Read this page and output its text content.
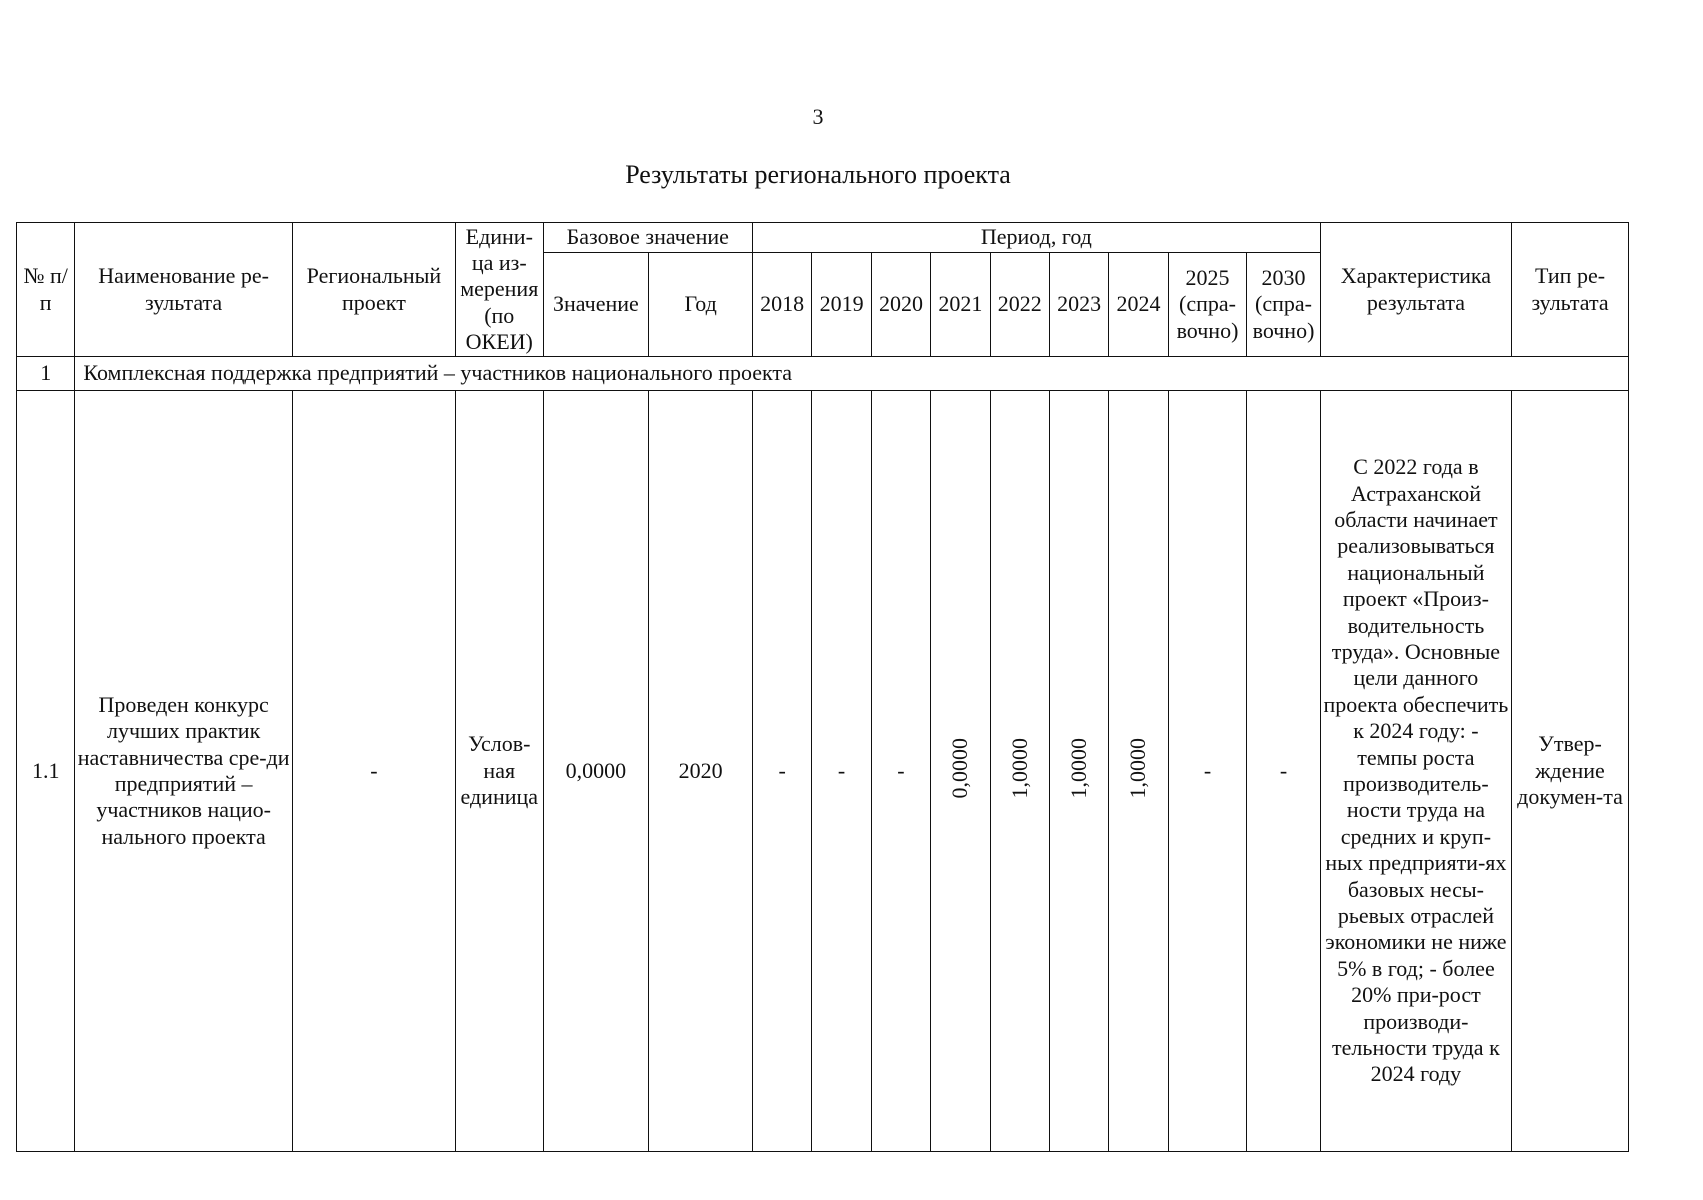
3
Результаты регионального проекта
№ п/п	Наименование ре-зультата	Региональный проект	Едини-ца из-мерения (по ОКЕИ)	Базовое значение		Период, год									Характеристика результата	Тип ре-зультата
				Значение	Год	2018	2019	2020	2021	2022	2023	2024	2025 (спра-вочно)	2030 (спра-вочно)		
1	Комплексная поддержка предприятий – участников национального проекта															
1.1	Проведен конкурс лучших практик наставничества сре-ди предприятий – участников нацио-нального проекта	-	Услов-ная единица	0,0000	2020	-	-	-	0,0000	1,0000	1,0000	1,0000	-	-	С 2022 года в Астраханской области начинает реализовываться национальный проект «Произ-водительность труда». Основные цели данного проекта обеспечить к 2024 году: - темпы роста производитель-ности труда на средних и круп-ных предприяти-ях базовых несы-рьевых отраслей экономики не ниже 5% в год; - более 20% при-рост производи-тельности труда к 2024 году	Утвер-ждение докумен-та
